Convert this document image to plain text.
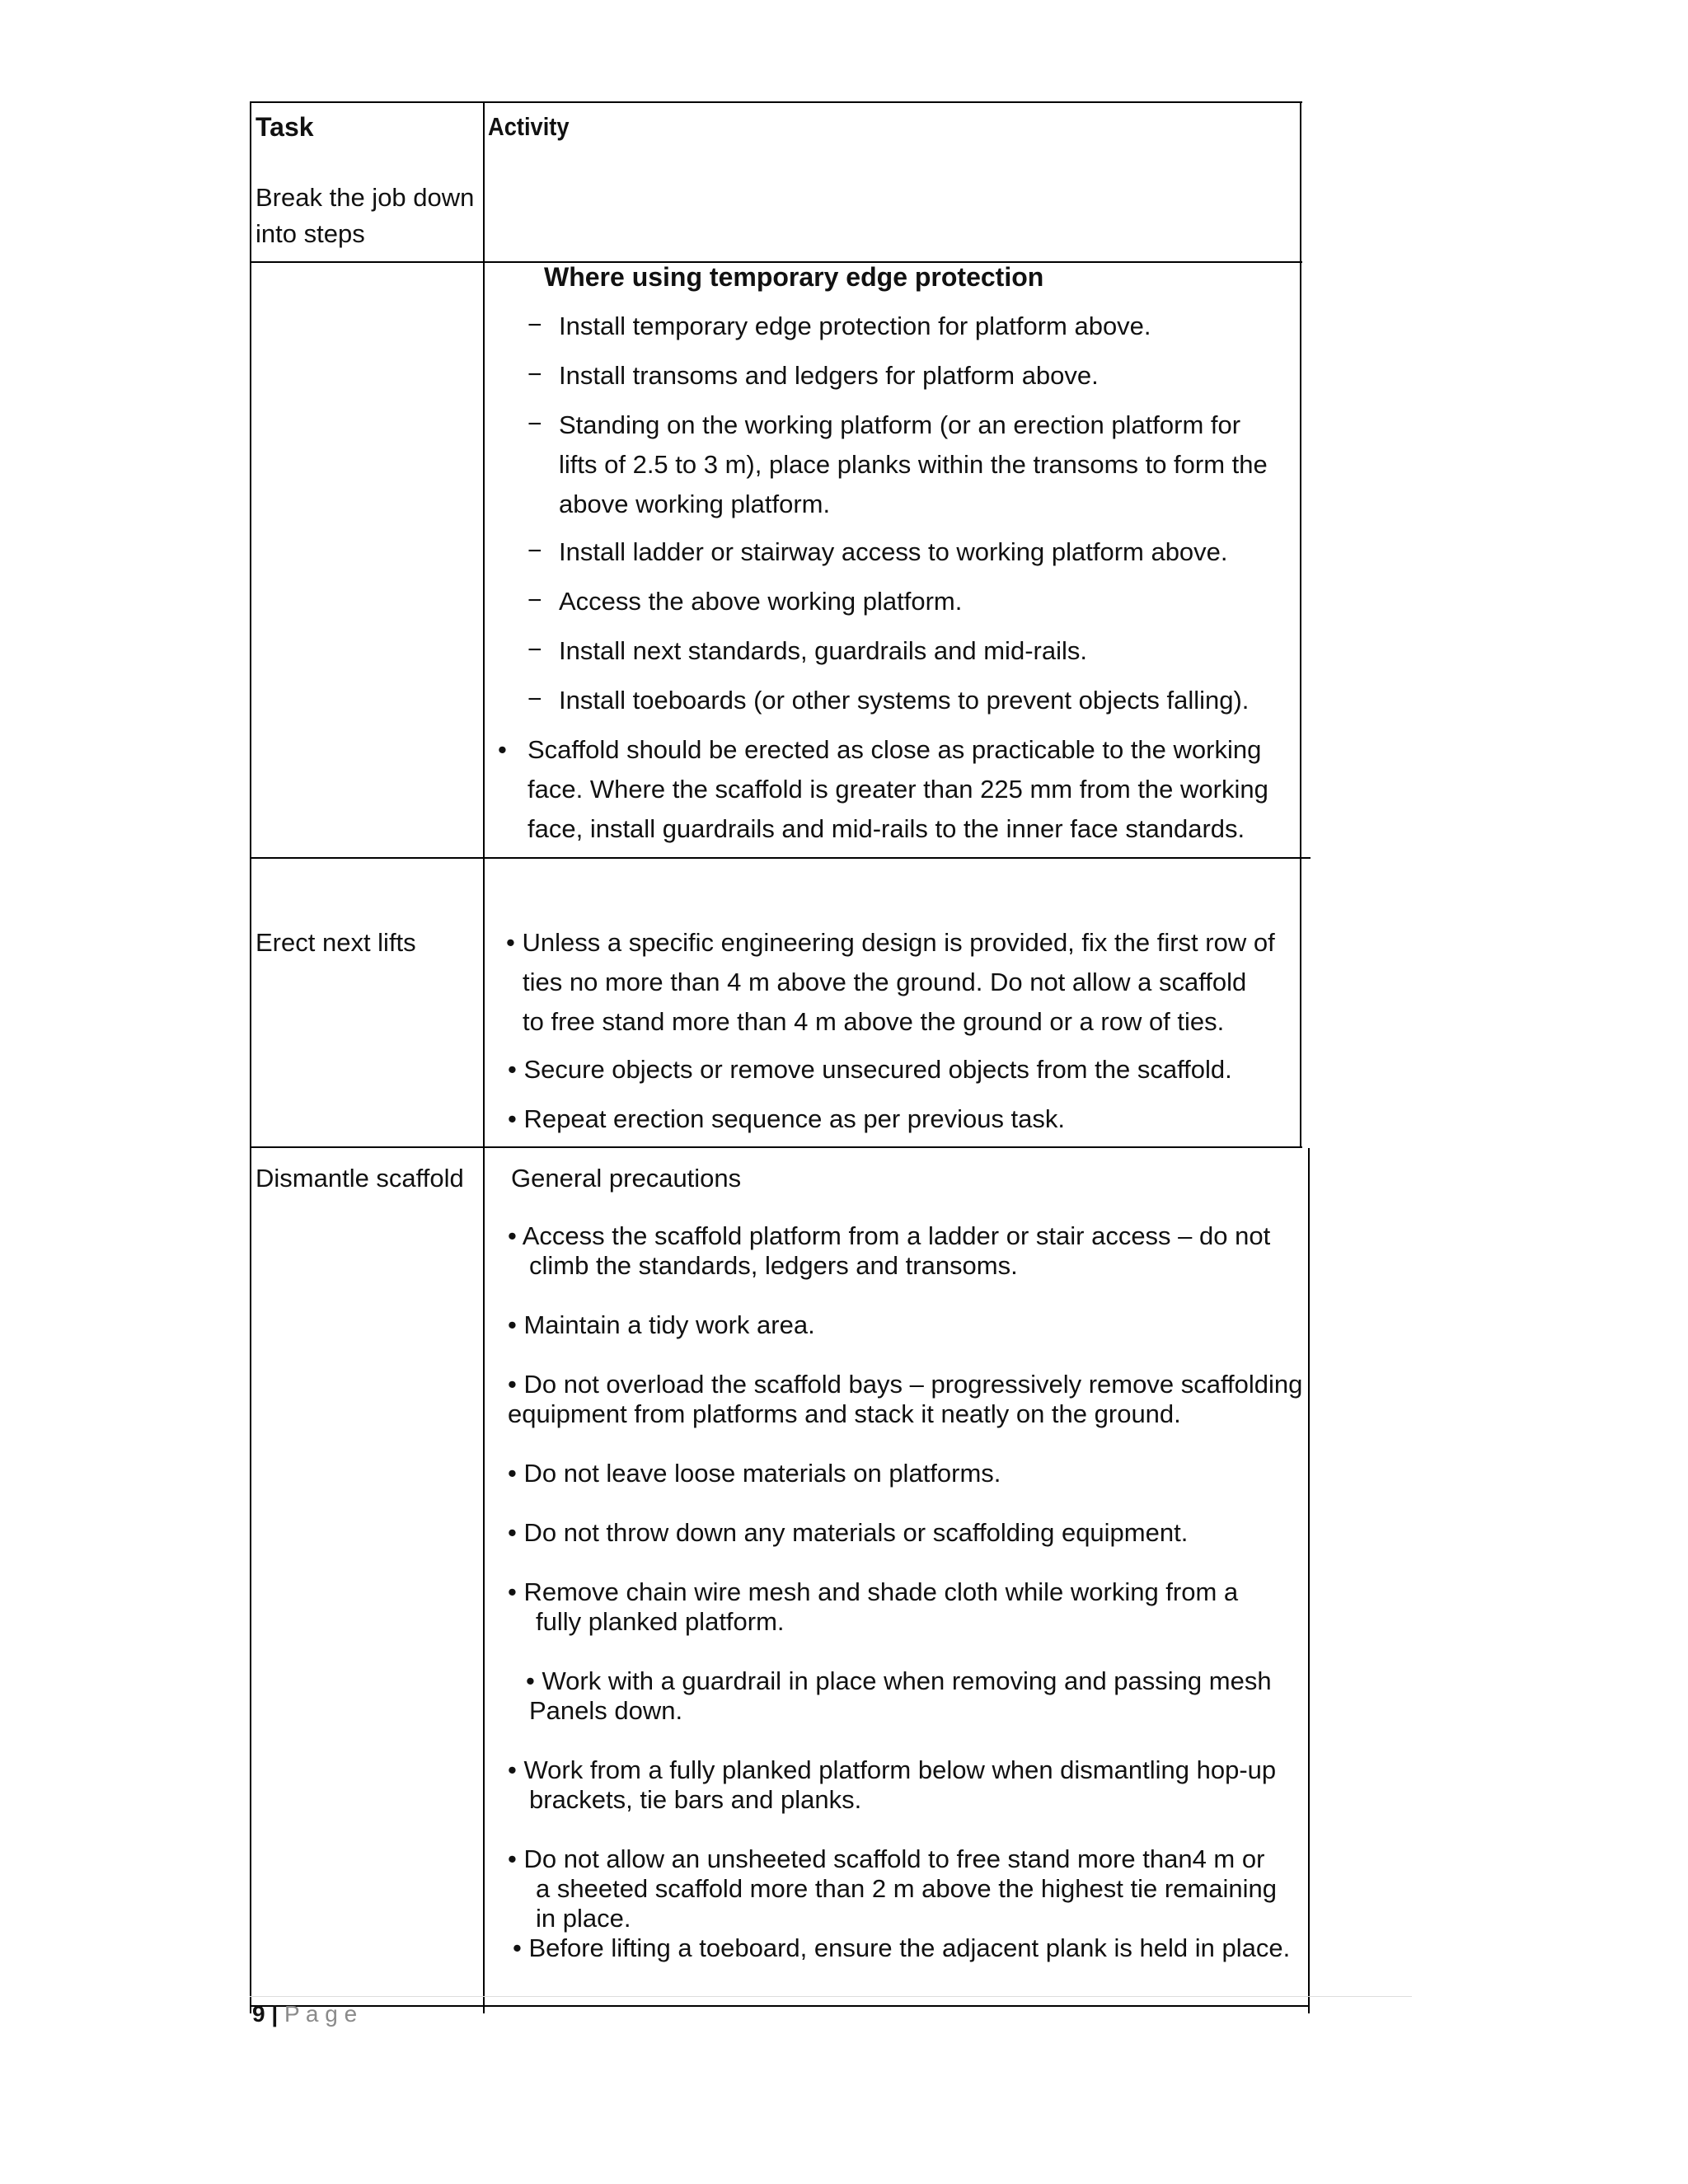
Task
Break the job down
into steps
Activity
Where using temporary edge protection
− Install temporary edge protection for platform above.
− Install transoms and ledgers for platform above.
− Standing on the working platform (or an erection platform for
lifts of 2.5 to 3 m), place planks within the transoms to form the
above working platform.
− Install ladder or stairway access to working platform above.
− Access the above working platform.
− Install next standards, guardrails and mid-rails.
− Install toeboards (or other systems to prevent objects falling).
• Scaffold should be erected as close as practicable to the working
face. Where the scaffold is greater than 225 mm from the working
face, install guardrails and mid-rails to the inner face standards.
Erect next lifts	• Unless a specific engineering design is provided, fix the first row of
ties no more than 4 m above the ground. Do not allow a scaffold
to free stand more than 4 m above the ground or a row of ties.
• Secure objects or remove unsecured objects from the scaffold.
• Repeat erection sequence as per previous task.
Dismantle scaffold General precautions
• Access the scaffold platform from a ladder or stair access – do not
climb the standards, ledgers and transoms.
• Maintain a tidy work area.
• Do not overload the scaffold bays – progressively remove scaffolding
equipment from platforms and stack it neatly on the ground.
• Do not leave loose materials on platforms.
• Do not throw down any materials or scaffolding equipment.
• Remove chain wire mesh and shade cloth while working from a
fully planked platform.
• Work with a guardrail in place when removing and passing mesh
Panels down.
• Work from a fully planked platform below when dismantling hop-up
brackets, tie bars and planks.
• Do not allow an unsheeted scaffold to free stand more than4 m or
a sheeted scaffold more than 2 m above the highest tie remaining
in place.
• Before lifting a toeboard, ensure the adjacent plank is held in place.
9 | P a g e
